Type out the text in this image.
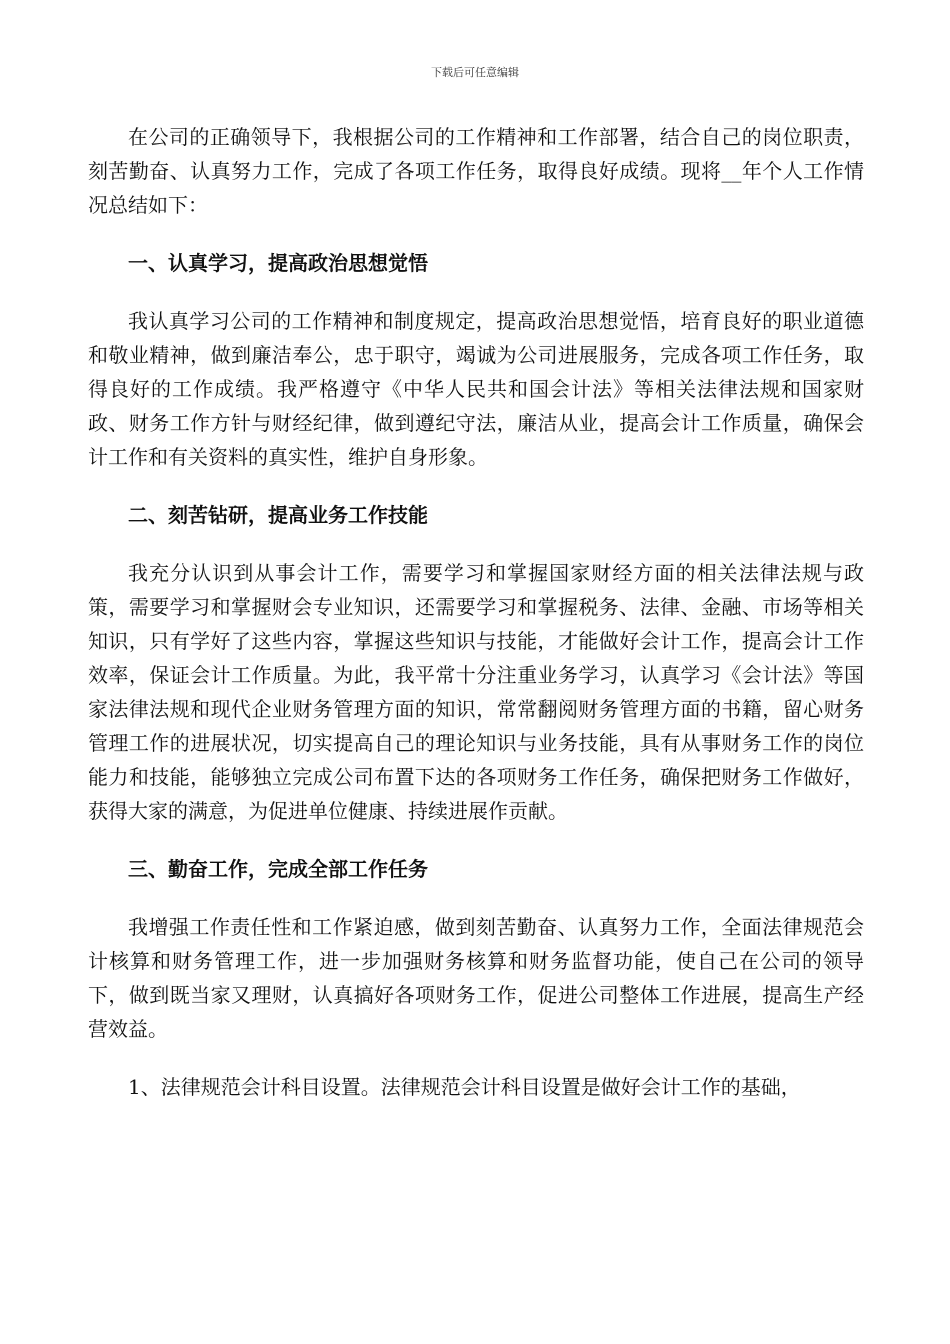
下载后可任意编辑

在公司的正确领导下，我根据公司的工作精神和工作部署，结合自己的岗位职责，刻苦勤奋、认真努力工作，完成了各项工作任务，取得良好成绩。现将__年个人工作情况总结如下：

一、认真学习，提高政治思想觉悟

我认真学习公司的工作精神和制度规定，提高政治思想觉悟，培育良好的职业道德和敬业精神，做到廉洁奉公，忠于职守，竭诚为公司进展服务，完成各项工作任务，取得良好的工作成绩。我严格遵守《中华人民共和国会计法》等相关法律法规和国家财政、财务工作方针与财经纪律，做到遵纪守法，廉洁从业，提高会计工作质量，确保会计工作和有关资料的真实性，维护自身形象。

二、刻苦钻研，提高业务工作技能

我充分认识到从事会计工作，需要学习和掌握国家财经方面的相关法律法规与政策，需要学习和掌握财会专业知识，还需要学习和掌握税务、法律、金融、市场等相关知识，只有学好了这些内容，掌握这些知识与技能，才能做好会计工作，提高会计工作效率，保证会计工作质量。为此，我平常十分注重业务学习，认真学习《会计法》等国家法律法规和现代企业财务管理方面的知识，常常翻阅财务管理方面的书籍，留心财务管理工作的进展状况，切实提高自己的理论知识与业务技能，具有从事财务工作的岗位能力和技能，能够独立完成公司布置下达的各项财务工作任务，确保把财务工作做好，获得大家的满意，为促进单位健康、持续进展作贡献。

三、勤奋工作，完成全部工作任务

我增强工作责任性和工作紧迫感，做到刻苦勤奋、认真努力工作，全面法律规范会计核算和财务管理工作，进一步加强财务核算和财务监督功能，使自己在公司的领导下，做到既当家又理财，认真搞好各项财务工作，促进公司整体工作进展，提高生产经营效益。

1、法律规范会计科目设置。法律规范会计科目设置是做好会计工作的基础，
